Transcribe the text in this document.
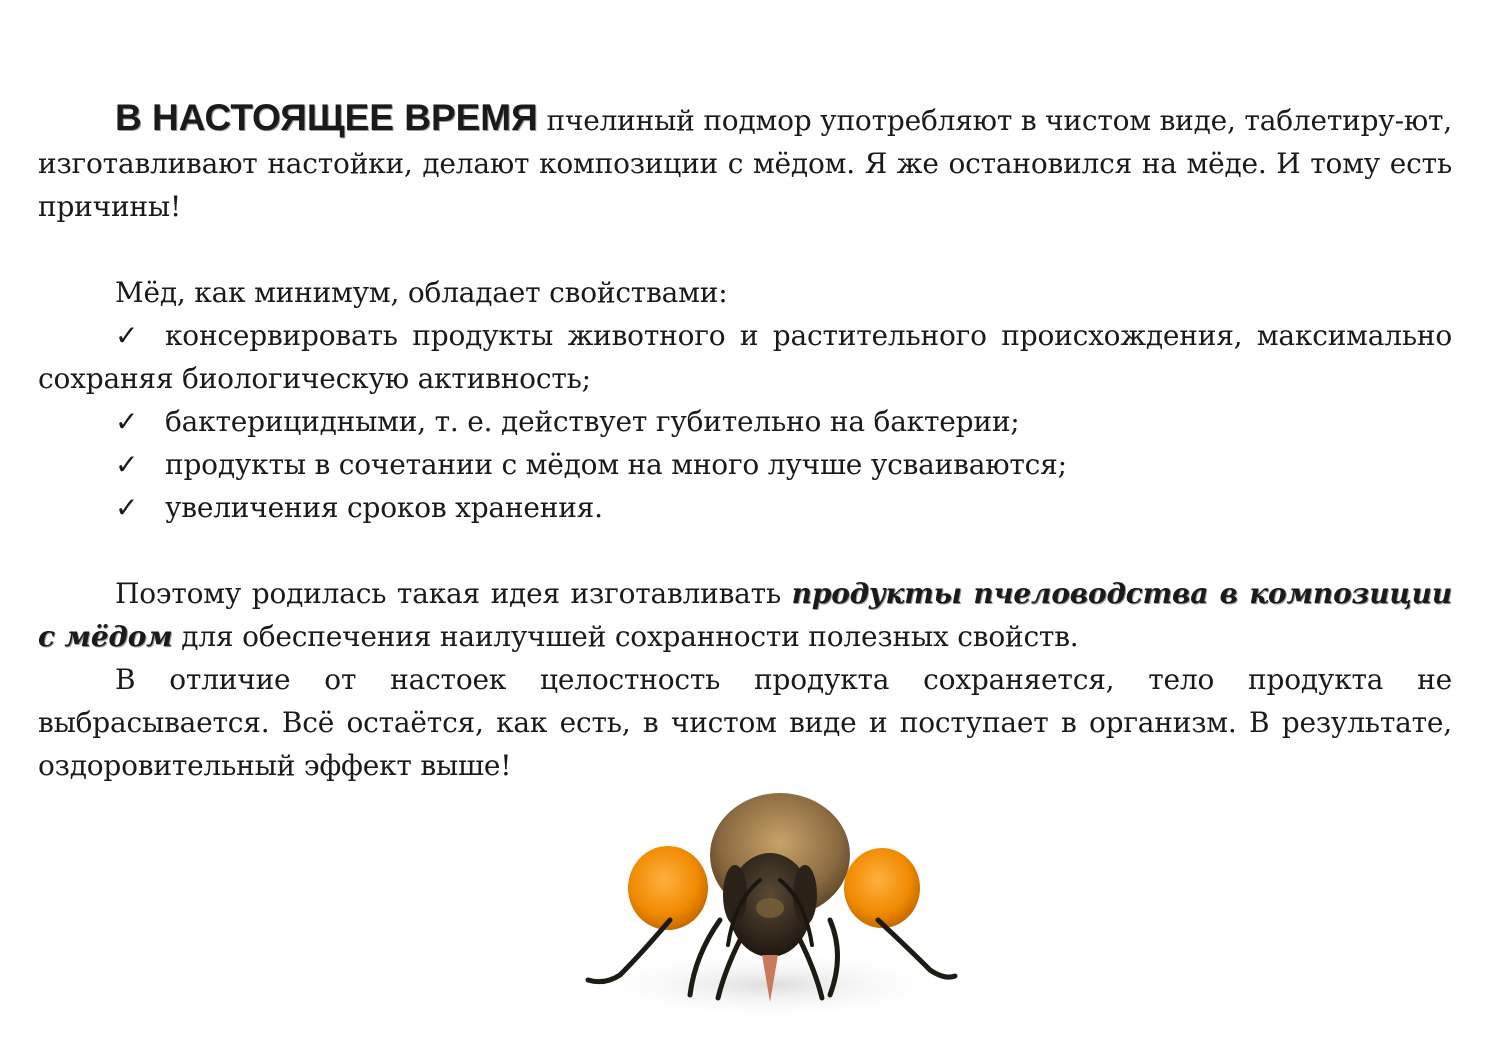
В НАСТОЯЩЕЕ ВРЕМЯ пчелиный подмор употребляют в чистом виде, таблетиру-ют, изготавливают настойки, делают композиции с мёдом. Я же остановился на мёде. И тому есть причины!

Мёд, как минимум, обладает свойствами:

✓ консервировать продукты животного и растительного происхождения, максимально сохраняя биологическую активность;

✓ бактерицидными, т. е. действует губительно на бактерии;

✓ продукты в сочетании с мёдом на много лучше усваиваются;

✓ увеличения сроков хранения.

Поэтому родилась такая идея изготавливать продукты пчеловодства в композиции с мёдом для обеспечения наилучшей сохранности полезных свойств.

В отличие от настоек целостность продукта сохраняется, тело продукта не выбрасывается. Всё остаётся, как есть, в чистом виде и поступает в организм. В результате, оздоровительный эффект выше!
